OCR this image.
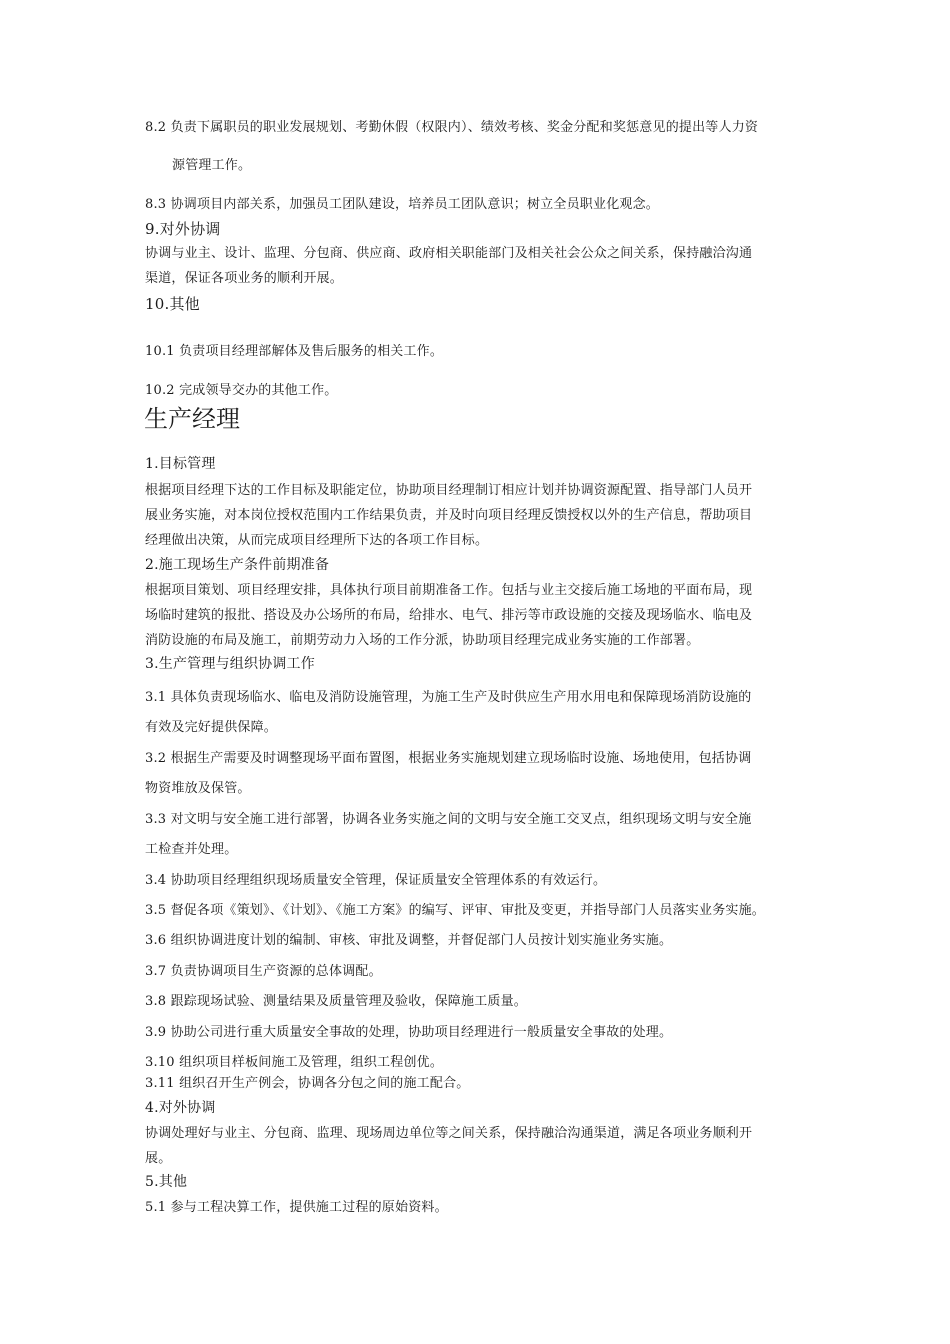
8.2 负责下属职员的职业发展规划、考勤休假（权限内）、绩效考核、奖金分配和奖惩意见的提出等人力资
源管理工作。
8.3 协调项目内部关系，加强员工团队建设，培养员工团队意识；树立全员职业化观念。
9.对外协调
协调与业主、设计、监理、分包商、供应商、政府相关职能部门及相关社会公众之间关系，保持融洽沟通
渠道，保证各项业务的顺利开展。
10.其他
10.1 负责项目经理部解体及售后服务的相关工作。
10.2 完成领导交办的其他工作。
生产经理
1.目标管理
根据项目经理下达的工作目标及职能定位，协助项目经理制订相应计划并协调资源配置、指导部门人员开
展业务实施，对本岗位授权范围内工作结果负责，并及时向项目经理反馈授权以外的生产信息，帮助项目
经理做出决策，从而完成项目经理所下达的各项工作目标。
2.施工现场生产条件前期准备
根据项目策划、项目经理安排，具体执行项目前期准备工作。包括与业主交接后施工场地的平面布局，现
场临时建筑的报批、搭设及办公场所的布局，给排水、电气、排污等市政设施的交接及现场临水、临电及
消防设施的布局及施工，前期劳动力入场的工作分派，协助项目经理完成业务实施的工作部署。
3.生产管理与组织协调工作
3.1 具体负责现场临水、临电及消防设施管理，为施工生产及时供应生产用水用电和保障现场消防设施的
有效及完好提供保障。
3.2 根据生产需要及时调整现场平面布置图，根据业务实施规划建立现场临时设施、场地使用，包括协调
物资堆放及保管。
3.3 对文明与安全施工进行部署，协调各业务实施之间的文明与安全施工交叉点，组织现场文明与安全施
工检查并处理。
3.4 协助项目经理组织现场质量安全管理，保证质量安全管理体系的有效运行。
3.5 督促各项《策划》、《计划》、《施工方案》的编写、评审、审批及变更，并指导部门人员落实业务实施。
3.6 组织协调进度计划的编制、审核、审批及调整，并督促部门人员按计划实施业务实施。
3.7 负责协调项目生产资源的总体调配。
3.8 跟踪现场试验、测量结果及质量管理及验收，保障施工质量。
3.9 协助公司进行重大质量安全事故的处理，协助项目经理进行一般质量安全事故的处理。
3.10 组织项目样板间施工及管理，组织工程创优。
3.11 组织召开生产例会，协调各分包之间的施工配合。
4.对外协调
协调处理好与业主、分包商、监理、现场周边单位等之间关系，保持融洽沟通渠道，满足各项业务顺利开
展。
5.其他
5.1 参与工程决算工作，提供施工过程的原始资料。
